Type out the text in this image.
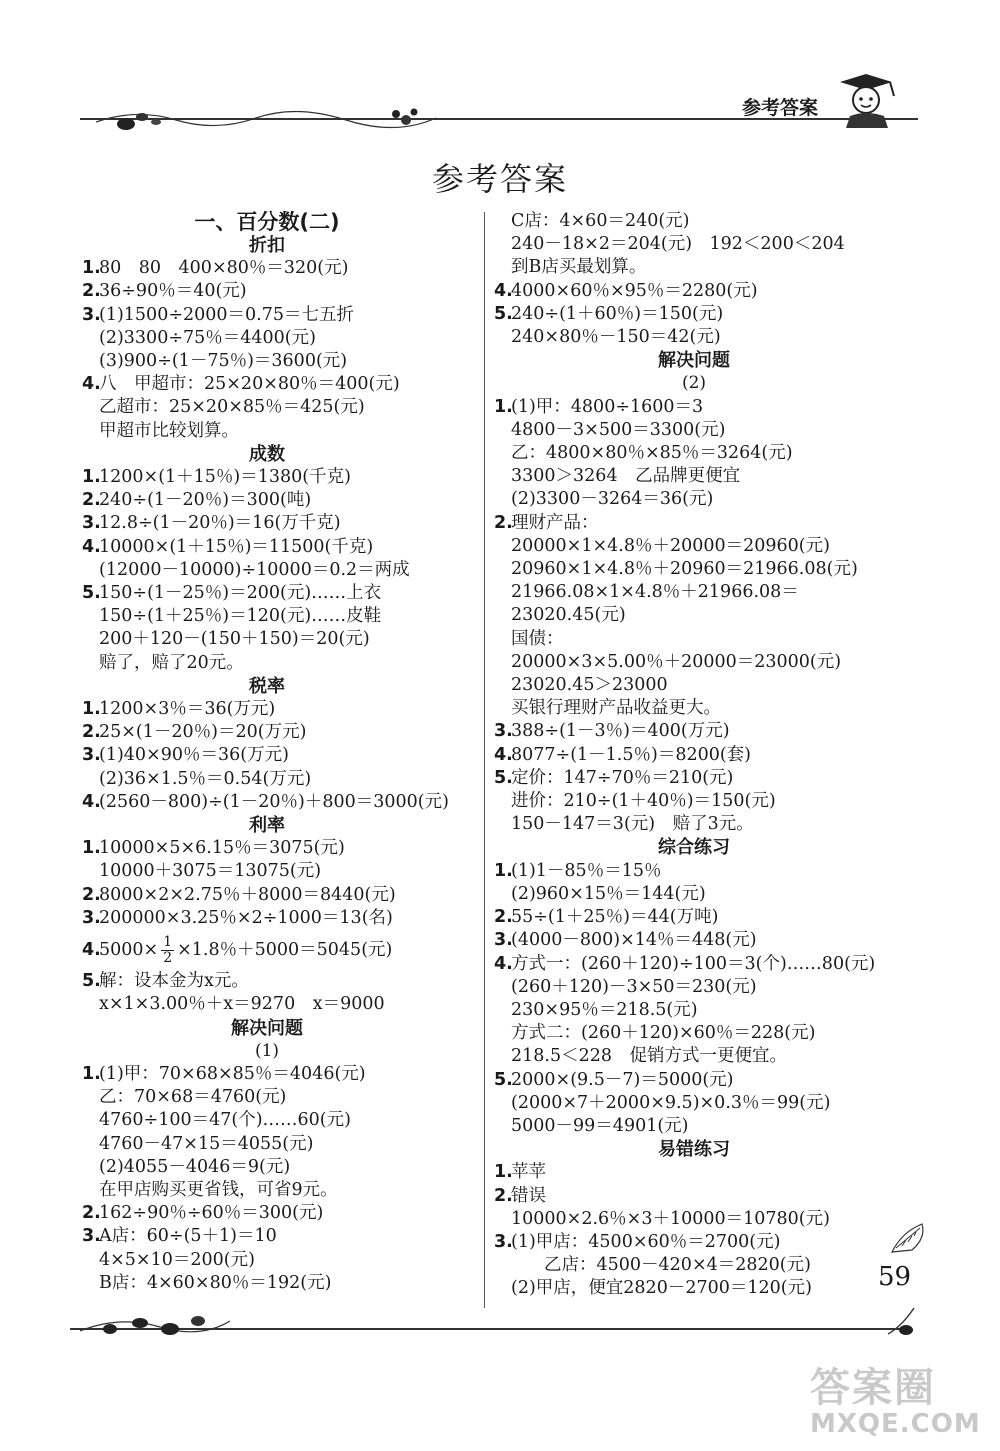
参考答案
参考答案
一、百分数(二)
折扣
1.80　80　400×80％＝320(元)
2.36÷90％＝40(元)
3.(1)1500÷2000＝0.75＝七五折
(2)3300÷75％＝4400(元)
(3)900÷(1－75％)＝3600(元)
4.八　甲超市：25×20×80％＝400(元)
乙超市：25×20×85％＝425(元)
甲超市比较划算。
成数
1.1200×(1＋15％)＝1380(千克)
2.240÷(1－20％)＝300(吨)
3.12.8÷(1－20％)＝16(万千克)
4.10000×(1＋15％)＝11500(千克)
(12000－10000)÷10000＝0.2＝两成
5.150÷(1－25％)＝200(元)……上衣
150÷(1＋25％)＝120(元)……皮鞋
200＋120－(150＋150)＝20(元)
赔了，赔了20元。
税率
1.1200×3％＝36(万元)
2.25×(1－20％)＝20(万元)
3.(1)40×90％＝36(万元)
(2)36×1.5％＝0.54(万元)
4.(2560－800)÷(1－20％)＋800＝3000(元)
利率
1.10000×5×6.15％＝3075(元)
10000＋3075＝13075(元)
2.8000×2×2.75％＋8000＝8440(元)
3.200000×3.25％×2÷1000＝13(名)
$4.5000\times \frac{1}{2} \times 1.8$％＋5000＝5045(元)
5.解：设本金为x元。
x×1×3.00％＋x＝9270　x＝9000
解决问题
(1)
1.(1)甲：70×68×85％＝4046(元)
乙：70×68＝4760(元)
4760÷100＝47(个)……60(元)
4760－47×15＝4055(元)
(2)4055－4046＝9(元)
在甲店购买更省钱，可省9元。
2.162÷90％÷60％＝300(元)
3.A店：60÷(5＋1)＝10
4×5×10＝200(元)
B店：4×60×80％＝192(元)
C店：4×60＝240(元)
240－18×2＝204(元)　192＜200＜204
到B店买最划算。
4.4000×60％×95％＝2280(元)
5.240÷(1＋60％)＝150(元)
240×80％－150＝42(元)
解决问题
(2)
1.(1)甲：4800÷1600＝3
4800－3×500＝3300(元)
乙：4800×80％×85％＝3264(元)
3300＞3264　乙品牌更便宜
(2)3300－3264＝36(元)
2.理财产品：
20000×1×4.8％＋20000＝20960(元)
20960×1×4.8％＋20960＝21966.08(元)
21966.08×1×4.8％＋21966.08＝
23020.45(元)
国债：
20000×3×5.00％＋20000＝23000(元)
23020.45＞23000
买银行理财产品收益更大。
3.388÷(1－3％)＝400(万元)
4.8077÷(1－1.5％)＝8200(套)
5.定价：147÷70％＝210(元)
进价：210÷(1＋40％)＝150(元)
150－147＝3(元)　赔了3元。
综合练习
1.(1)1－85％＝15％
(2)960×15％＝144(元)
2.55÷(1＋25％)＝44(万吨)
3.(4000－800)×14％＝448(元)
4.方式一：(260＋120)÷100＝3(个)……80(元)
(260＋120)－3×50＝230(元)
230×95％＝218.5(元)
方式二：(260＋120)×60％＝228(元)
218.5＜228　促销方式一更便宜。
5.2000×(9.5－7)＝5000(元)
(2000×7＋2000×9.5)×0.3％＝99(元)
5000－99＝4901(元)
易错练习
1.苹苹
2.错误
10000×2.6％×3＋10000＝10780(元)
3.(1)甲店：4500×60％＝2700(元)
乙店：4500－420×4＝2820(元)
(2)甲店，便宜2820－2700＝120(元)	59
答案圈
MXQE.COM
